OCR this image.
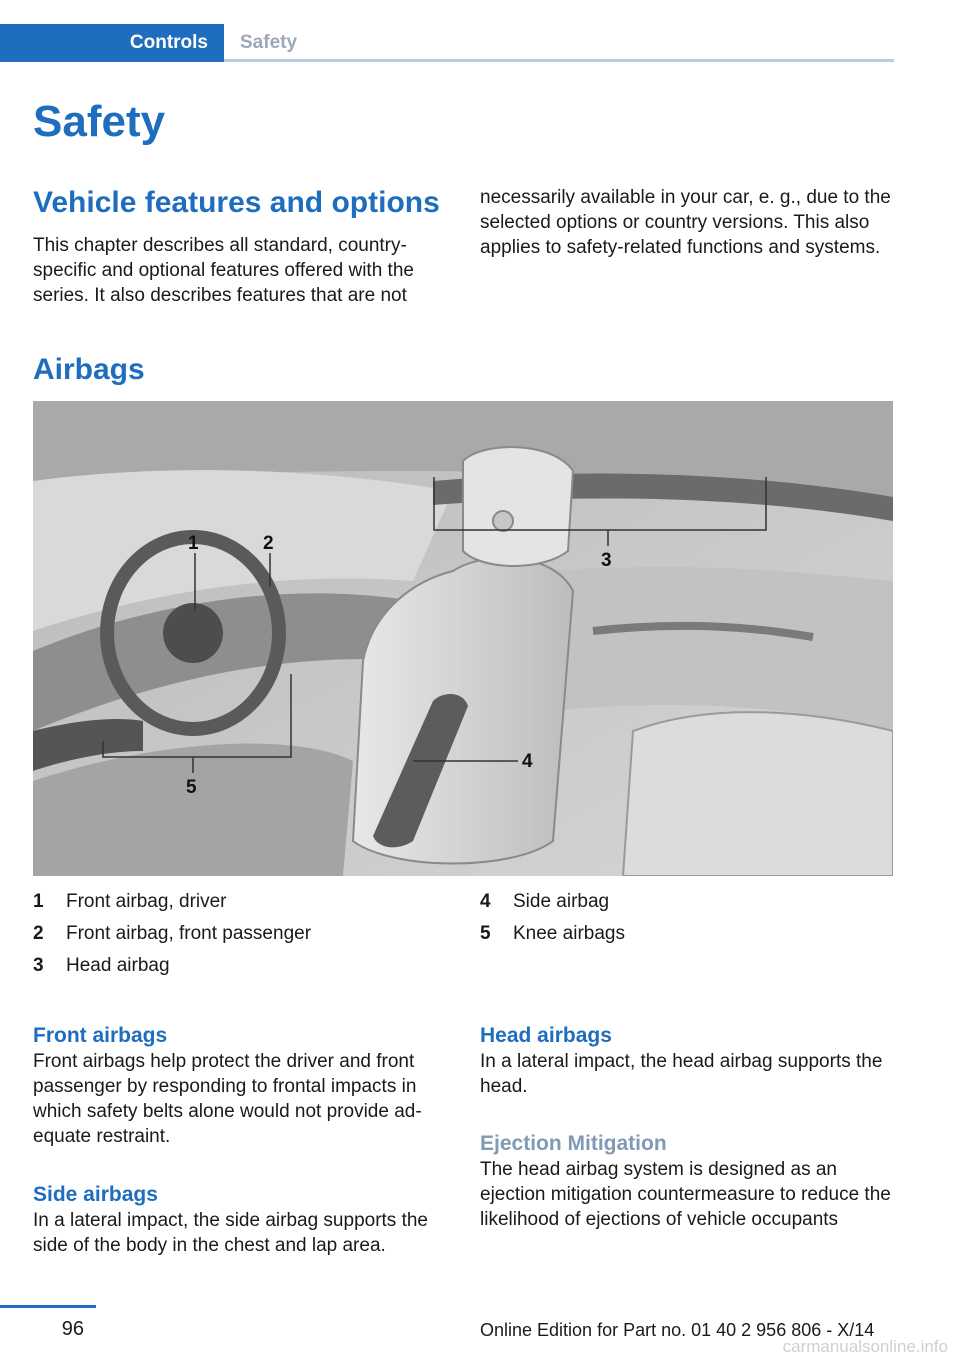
Controls	Safety
Safety
Vehicle features and options

This chapter describes all standard, country-specific and optional features offered with the series. It also describes features that are not

necessarily available in your car, e. g., due to the selected options or country versions. This also applies to safety-related functions and systems.

Airbags
1	2
3
4
5
1	Front airbag, driver
2	Front airbag, front passenger
3	Head airbag
4	Side airbag
5	Knee airbags
Front airbags

Front airbags help protect the driver and front passenger by responding to frontal impacts in which safety belts alone would not provide ad‐equate restraint.

Side airbags

In a lateral impact, the side airbag supports the side of the body in the chest and lap area.

Head airbags

In a lateral impact, the head airbag supports the head.

Ejection Mitigation

The head airbag system is designed as an ejection mitigation countermeasure to reduce the likelihood of ejections of vehicle occupants

96	Online Edition for Part no. 01 40 2 956 806 - X/14
carmanualsonline.info
